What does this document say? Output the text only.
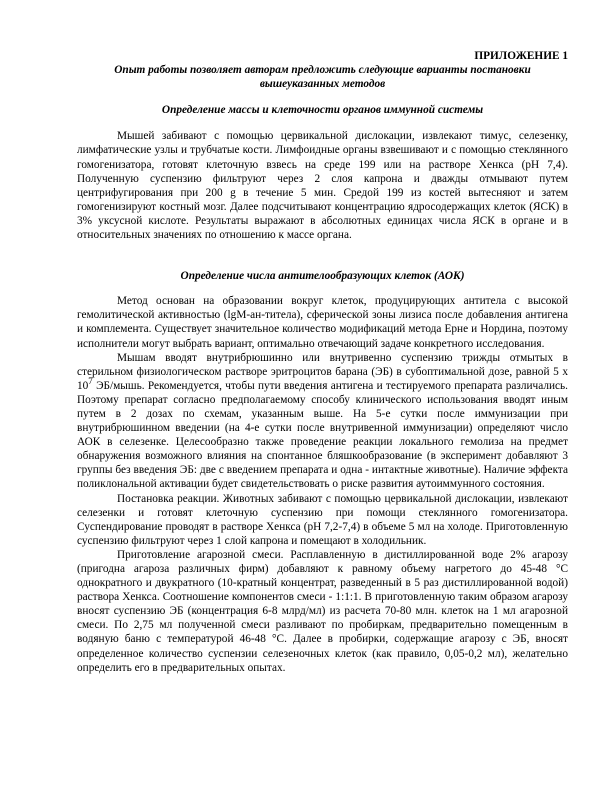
ПРИЛОЖЕНИЕ 1
Опыт работы позволяет авторам предложить следующие варианты постановки вышеуказанных методов
Определение массы и клеточности органов иммунной системы

Мышей забивают с помощью цервикальной дислокации, извлекают тимус, селезенку, лимфатические узлы и трубчатые кости. Лимфоидные органы взвешивают и с помощью стеклянного гомогенизатора, готовят клеточную взвесь на среде 199 или на растворе Хенкса (рН 7,4). Полученную суспензию фильтруют через 2 слоя капрона и дважды отмывают путем центрифугирования при 200 g в течение 5 мин. Средой 199 из костей вытесняют и затем гомогенизируют костный мозг. Далее подсчитывают концентрацию ядросодержащих клеток (ЯСК) в 3% уксусной кислоте. Результаты выражают в абсолютных единицах числа ЯСК в органе и в относительных значениях по отношению к массе органа.

Определение числа антителообразующих клеток (АОК)

Метод основан на образовании вокруг клеток, продуцирующих антитела с высокой гемолитической активностью (lgM-ан-титела), сферической зоны лизиса после добавления антигена и комплемента. Существует значительное количество модификаций метода Ерне и Нордина, поэтому исполнители могут выбрать вариант, оптимально отвечающий задаче конкретного исследования.

Мышам вводят внутрибрюшинно или внутривенно суспензию трижды отмытых в стерильном физиологическом растворе эритроцитов барана (ЭБ) в субоптимальной дозе, равной 5 х $10^7$ ЭБ/мышь. Рекомендуется, чтобы пути введения антигена и тестируемого препарата различались. Поэтому препарат согласно предполагаемому способу клинического использования вводят иным путем в 2 дозах по схемам, указанным выше. На 5-е сутки после иммунизации при внутрибрюшинном введении (на 4-е сутки после внутривенной иммунизации) определяют число АОК в селезенке. Целесообразно также проведение реакции локального гемолиза на предмет обнаружения возможного влияния на спонтанное бляшкообразование (в эксперимент добавляют 3 группы без введения ЭБ: две с введением препарата и одна - интактные животные). Наличие эффекта поликлональной активации будет свидетельствовать о риске развития аутоиммунного состояния.

Постановка реакции. Животных забивают с помощью цервикальной дислокации, извлекают селезенки и готовят клеточную суспензию при помощи стеклянного гомогенизатора. Суспендирование проводят в растворе Хенкса (рН 7,2-7,4) в объеме 5 мл на холоде. Приготовленную суспензию фильтруют через 1 слой капрона и помещают в холодильник.

Приготовление агарозной смеси. Расплавленную в дистиллированной воде 2% агарозу (пригодна агароза различных фирм) добавляют к равному объему нагретого до 45-48 °С однократного и двукратного (10-кратный концентрат, разведенный в 5 раз дистиллированной водой) раствора Хенкса. Соотношение компонентов смеси - 1:1:1. В приготовленную таким образом агарозу вносят суспензию ЭБ (концентрация 6-8 млрд/мл) из расчета 70-80 млн. клеток на 1 мл агарозной смеси. По 2,75 мл полученной смеси разливают по пробиркам, предварительно помещенным в водяную баню с температурой 46-48 °С. Далее в пробирки, содержащие агарозу с ЭБ, вносят определенное количество суспензии селезеночных клеток (как правило, 0,05-0,2 мл), желательно определить его в предварительных опытах.
